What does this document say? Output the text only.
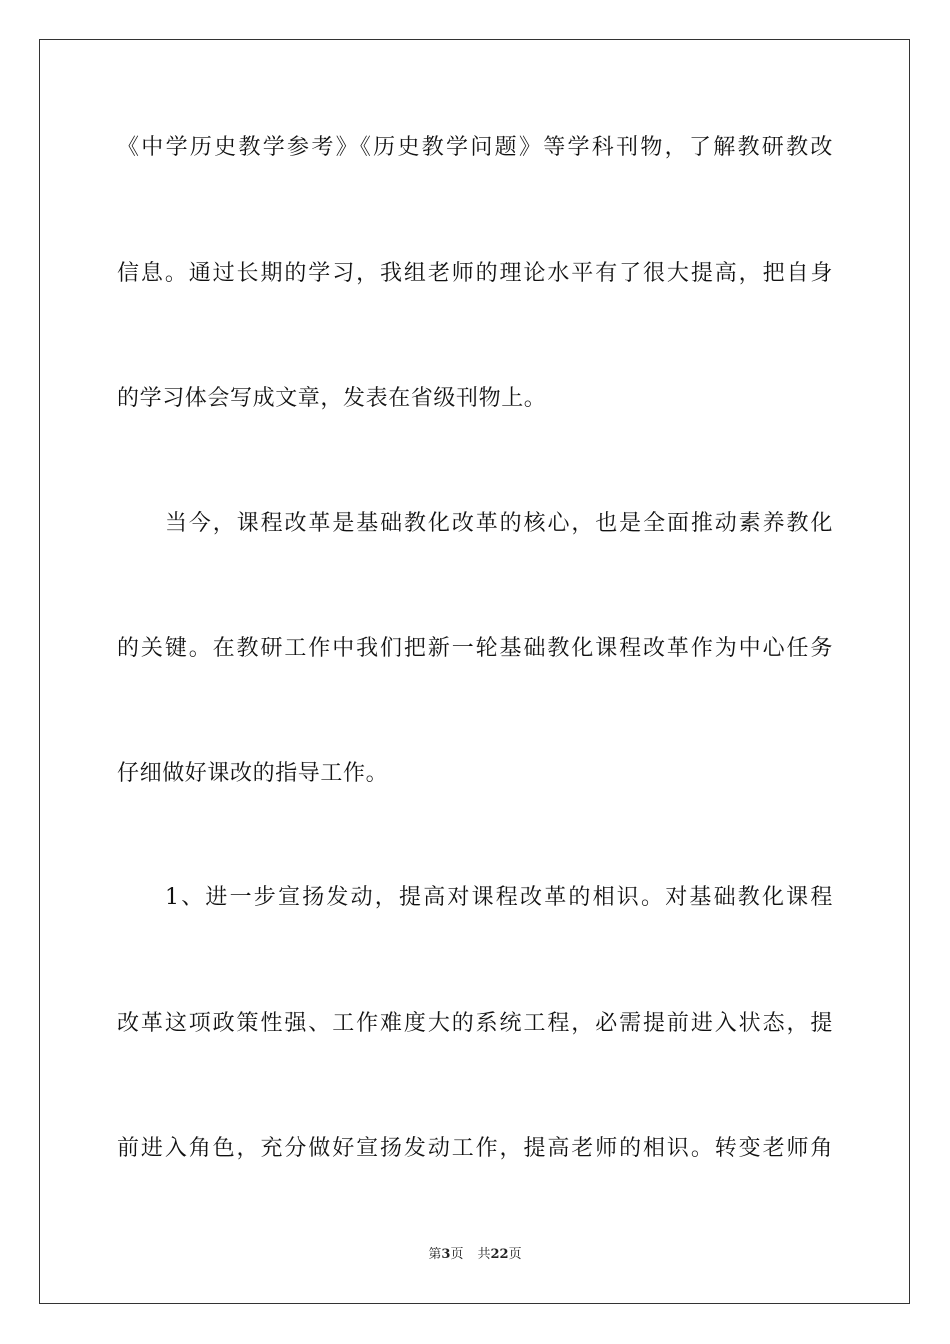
《中学历史教学参考》《历史教学问题》等学科刊物，了解教研教改
信息。通过长期的学习，我组老师的理论水平有了很大提高，把自身
的学习体会写成文章，发表在省级刊物上。
当今，课程改革是基础教化改革的核心，也是全面推动素养教化
的关键。在教研工作中我们把新一轮基础教化课程改革作为中心任务
仔细做好课改的指导工作。
1、进一步宣扬发动，提高对课程改革的相识。对基础教化课程
改革这项政策性强、工作难度大的系统工程，必需提前进入状态，提
前进入角色，充分做好宣扬发动工作，提高老师的相识。转变老师角
第3页 共22页
